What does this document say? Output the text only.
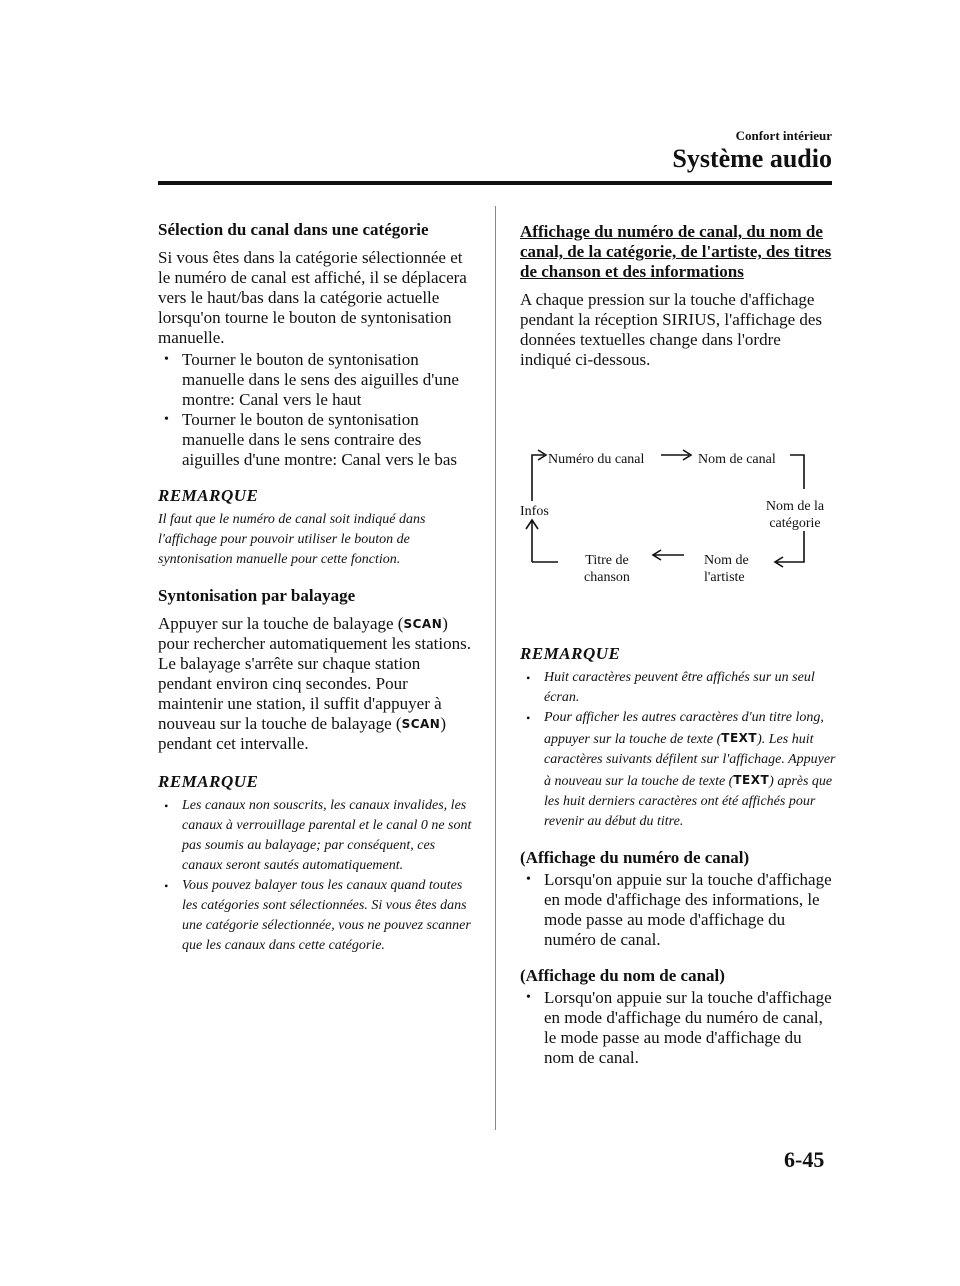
Confort intérieur
Système audio
Sélection du canal dans une catégorie

Si vous êtes dans la catégorie sélectionnée et le numéro de canal est affiché, il se déplacera vers le haut/bas dans la catégorie actuelle lorsqu'on tourne le bouton de syntonisation manuelle.

• Tourner le bouton de syntonisation manuelle dans le sens des aiguilles d'une montre: Canal vers le haut
• Tourner le bouton de syntonisation manuelle dans le sens contraire des aiguilles d'une montre: Canal vers le bas
REMARQUE
Il faut que le numéro de canal soit indiqué dans l'affichage pour pouvoir utiliser le bouton de syntonisation manuelle pour cette fonction.
Syntonisation par balayage

Appuyer sur la touche de balayage (SCAN) pour rechercher automatiquement les stations. Le balayage s'arrête sur chaque station pendant environ cinq secondes. Pour maintenir une station, il suffit d'appuyer à nouveau sur la touche de balayage (SCAN) pendant cet intervalle.

REMARQUE
• Les canaux non souscrits, les canaux invalides, les canaux à verrouillage parental et le canal 0 ne sont pas soumis au balayage; par conséquent, ces canaux seront sautés automatiquement.
• Vous pouvez balayer tous les canaux quand toutes les catégories sont sélectionnées. Si vous êtes dans une catégorie sélectionnée, vous ne pouvez scanner que les canaux dans cette catégorie.
Affichage du numéro de canal, du nom de canal, de la catégorie, de l'artiste, des titres de chanson et des informations

A chaque pression sur la touche d'affichage pendant la réception SIRIUS, l'affichage des données textuelles change dans l'ordre indiqué ci-dessous.

Numéro du canal	Nom de canal
Nom de la
catégorie
Nom de
l'artiste
Titre de
chanson
Infos
REMARQUE
• Huit caractères peuvent être affichés sur un seul écran.
• Pour afficher les autres caractères d'un titre long, appuyer sur la touche de texte (TEXT). Les huit caractères suivants défilent sur l'affichage. Appuyer à nouveau sur la touche de texte (TEXT) après que les huit derniers caractères ont été affichés pour revenir au début du titre.
(Affichage du numéro de canal)
• Lorsqu'on appuie sur la touche d'affichage en mode d'affichage des informations, le mode passe au mode d'affichage du numéro de canal.
(Affichage du nom de canal)
• Lorsqu'on appuie sur la touche d'affichage en mode d'affichage du numéro de canal, le mode passe au mode d'affichage du nom de canal.
6-45
